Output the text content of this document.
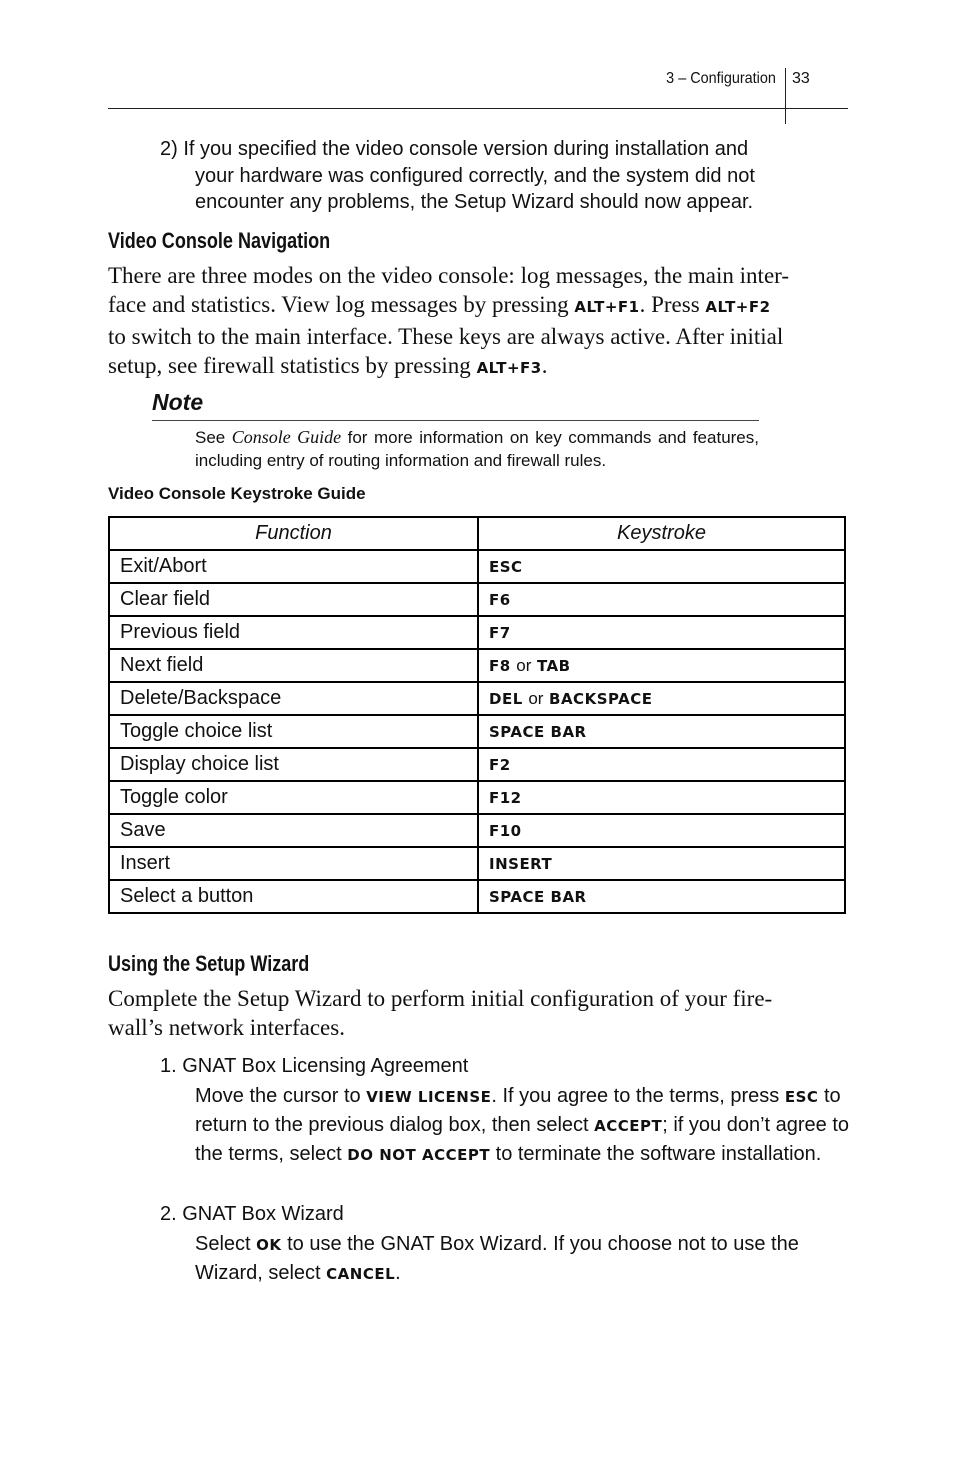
3 – Configuration 33
2) If you specified the video console version during installation and

your hardware was configured correctly, and the system did not
encounter any problems, the Setup Wizard should now appear.
Video Console Navigation
There are three modes on the video console: log messages, the main inter-
face and statistics. View log messages by pressing ALT+F1. Press ALT+F2
to switch to the main interface. These keys are always active. After initial
setup, see firewall statistics by pressing ALT+F3.
Note
See Console Guide for more information on key commands and features, including entry of routing information and firewall rules.
Video Console Keystroke Guide
Function	Keystroke
Exit/Abort	ESC
Clear field	F6
Previous field	F7
Next field	F8 or TAB
Delete/Backspace	DEL or BACKSPACE
Toggle choice list	SPACE BAR
Display choice list	F2
Toggle color	F12
Save	F10
Insert	INSERT
Select a button	SPACE BAR
Using the Setup Wizard
Complete the Setup Wizard to perform initial configuration of your fire-
wall’s network interfaces.
1. GNAT Box Licensing Agreement
Move the cursor to VIEW LICENSE. If you agree to the terms, press ESC to return to the previous dialog box, then select ACCEPT; if you don’t agree to the terms, select DO NOT ACCEPT to terminate the software installation.
2. GNAT Box Wizard
Select OK to use the GNAT Box Wizard. If you choose not to use the Wizard, select CANCEL.
